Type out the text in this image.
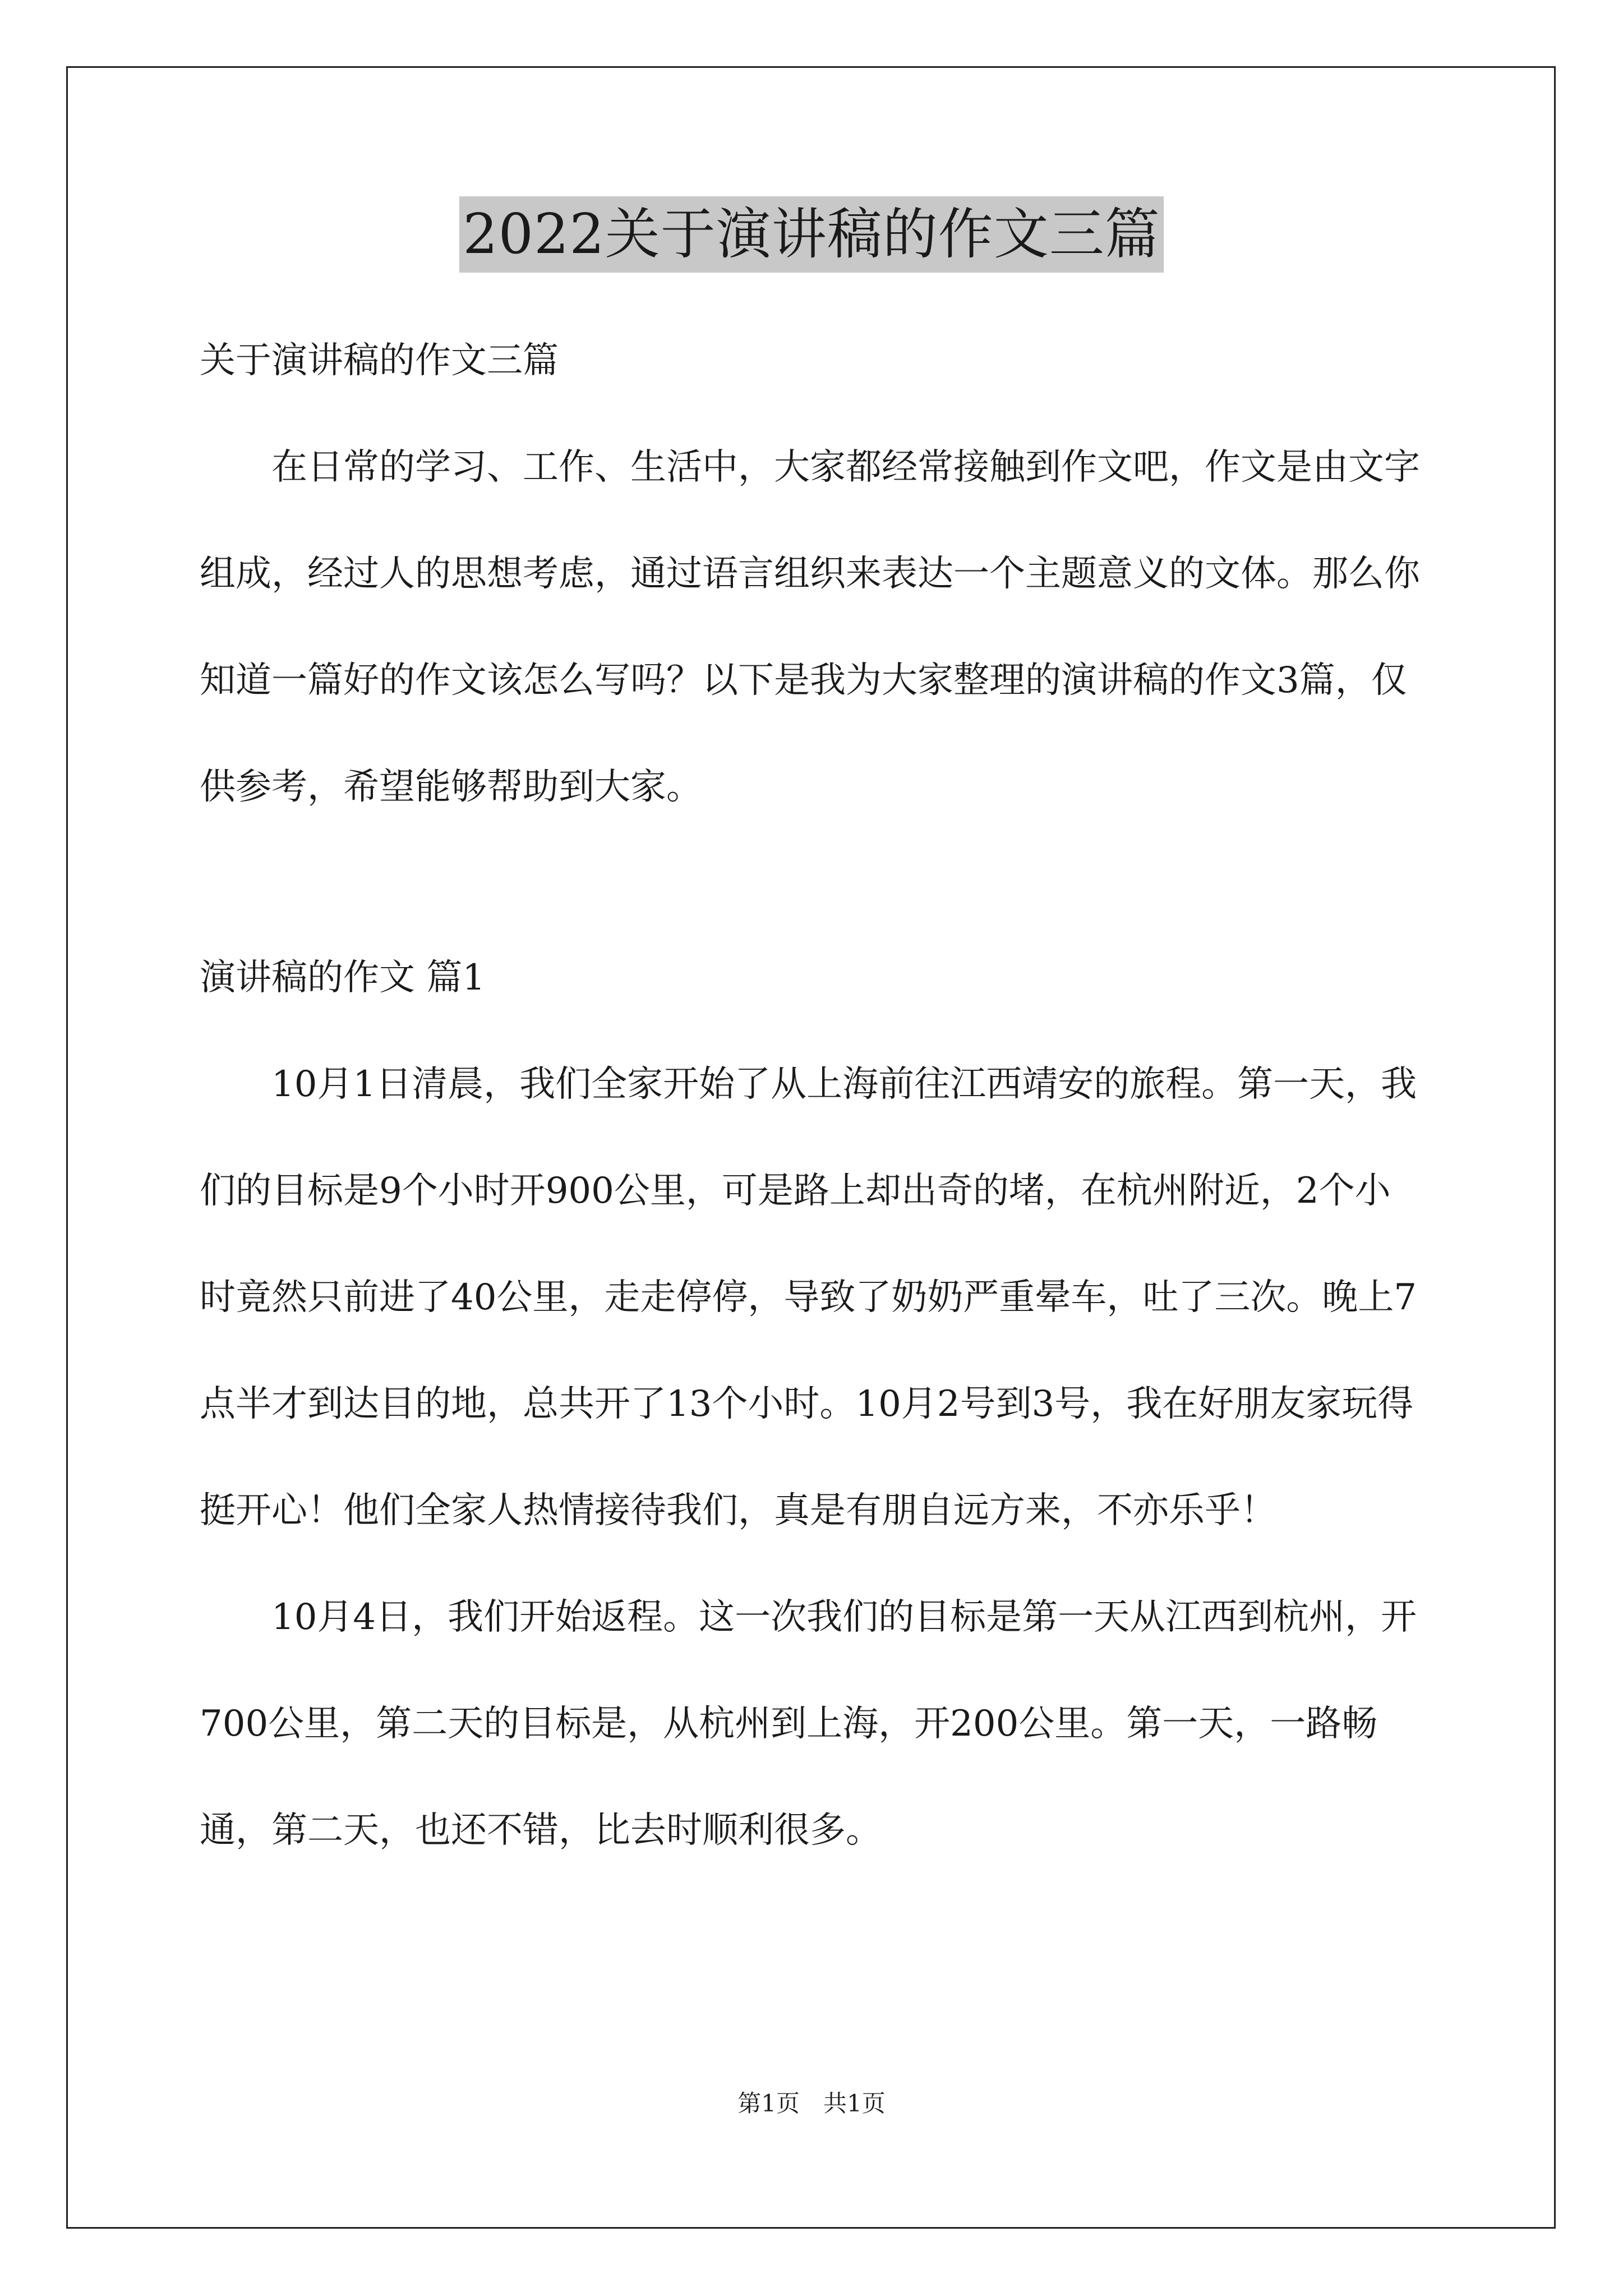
2022关于演讲稿的作文三篇

关于演讲稿的作文三篇

在日常的学习、工作、生活中，大家都经常接触到作文吧，作文是由文字组成，经过人的思想考虑，通过语言组织来表达一个主题意义的文体。那么你知道一篇好的作文该怎么写吗？以下是我为大家整理的演讲稿的作文3篇，仅供参考，希望能够帮助到大家。

演讲稿的作文 篇1

10月1日清晨，我们全家开始了从上海前往江西靖安的旅程。第一天，我们的目标是9个小时开900公里，可是路上却出奇的堵，在杭州附近，2个小时竟然只前进了40公里，走走停停，导致了奶奶严重晕车，吐了三次。晚上7点半才到达目的地，总共开了13个小时。10月2号到3号，我在好朋友家玩得挺开心！他们全家人热情接待我们，真是有朋自远方来，不亦乐乎！

10月4日，我们开始返程。这一次我们的目标是第一天从江西到杭州，开700公里，第二天的目标是，从杭州到上海，开200公里。第一天，一路畅通，第二天，也还不错，比去时顺利很多。

第1页　共1页
